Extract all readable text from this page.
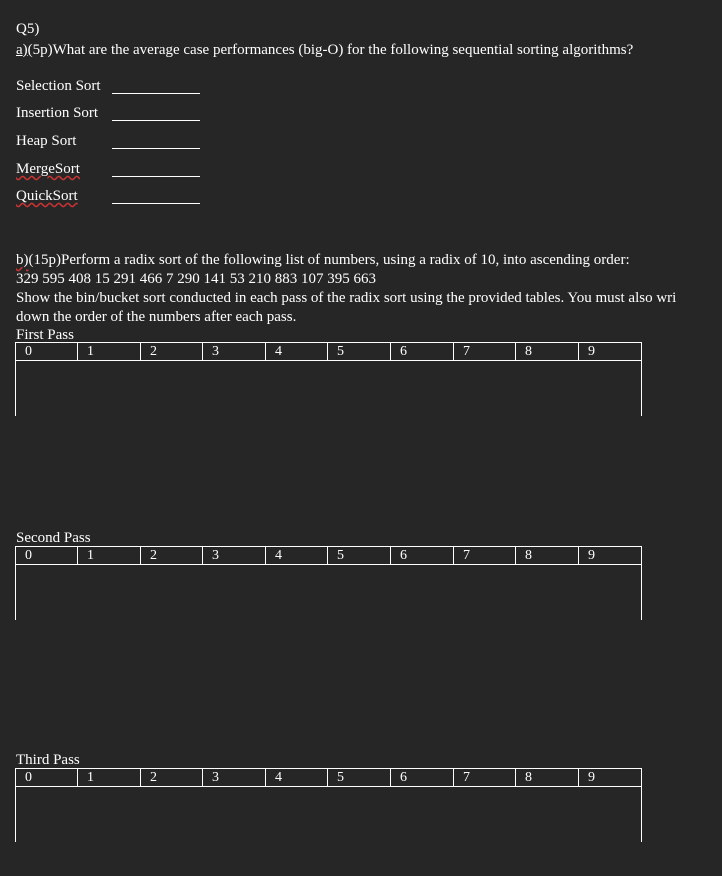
Q5)
a)(5p)What are the average case performances (big-O) for the following sequential sorting algorithms?
Selection Sort
Insertion Sort
Heap Sort
MergeSort
QuickSort
b)(15p)Perform a radix sort of the following list of numbers, using a radix of 10, into ascending order:
329 595 408 15 291 466 7 290 141 53 210 883 107 395 663
Show the bin/bucket sort conducted in each pass of the radix sort using the provided tables. You must also wri
down the order of the numbers after each pass.
First Pass
0	1	2	3	4	5	6	7	8	9
Second Pass
0	1	2	3	4	5	6	7	8	9
Third Pass
0	1	2	3	4	5	6	7	8	9
